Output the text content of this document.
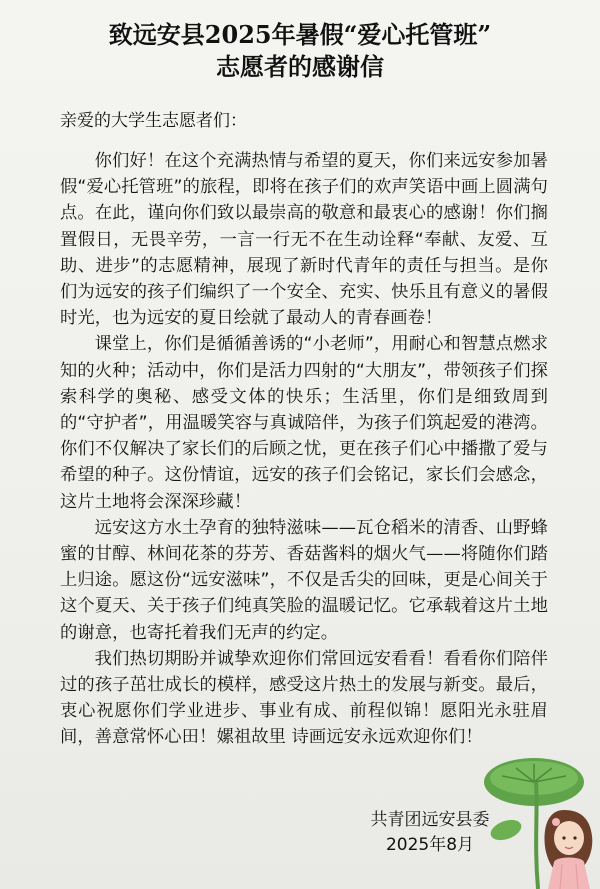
致远安县2025年暑假“爱心托管班”
志愿者的感谢信
亲爱的大学生志愿者们：

你们好！在这个充满热情与希望的夏天，你们来远安参加暑假“爱心托管班”的旅程，即将在孩子们的欢声笑语中画上圆满句点。在此，谨向你们致以最崇高的敬意和最衷心的感谢！你们搁置假日，无畏辛劳，一言一行无不在生动诠释“奉献、友爱、互助、进步”的志愿精神，展现了新时代青年的责任与担当。是你们为远安的孩子们编织了一个安全、充实、快乐且有意义的暑假时光，也为远安的夏日绘就了最动人的青春画卷！

课堂上，你们是循循善诱的“小老师”，用耐心和智慧点燃求知的火种；活动中，你们是活力四射的“大朋友”，带领孩子们探索科学的奥秘、感受文体的快乐；生活里，你们是细致周到的“守护者”，用温暖笑容与真诚陪伴，为孩子们筑起爱的港湾。你们不仅解决了家长们的后顾之忧，更在孩子们心中播撒了爱与希望的种子。这份情谊，远安的孩子们会铭记，家长们会感念，这片土地将会深深珍藏！

远安这方水土孕育的独特滋味——瓦仓稻米的清香、山野蜂蜜的甘醇、林间花茶的芬芳、香菇酱料的烟火气——将随你们踏上归途。愿这份“远安滋味”，不仅是舌尖的回味，更是心间关于这个夏天、关于孩子们纯真笑脸的温暖记忆。它承载着这片土地的谢意，也寄托着我们无声的约定。

我们热切期盼并诚挚欢迎你们常回远安看看！看看你们陪伴过的孩子茁壮成长的模样，感受这片热土的发展与新变。最后，衷心祝愿你们学业进步、事业有成、前程似锦！愿阳光永驻眉间，善意常怀心田！嫘祖故里 诗画远安永远欢迎你们！

共青团远安县委
2025年8月
